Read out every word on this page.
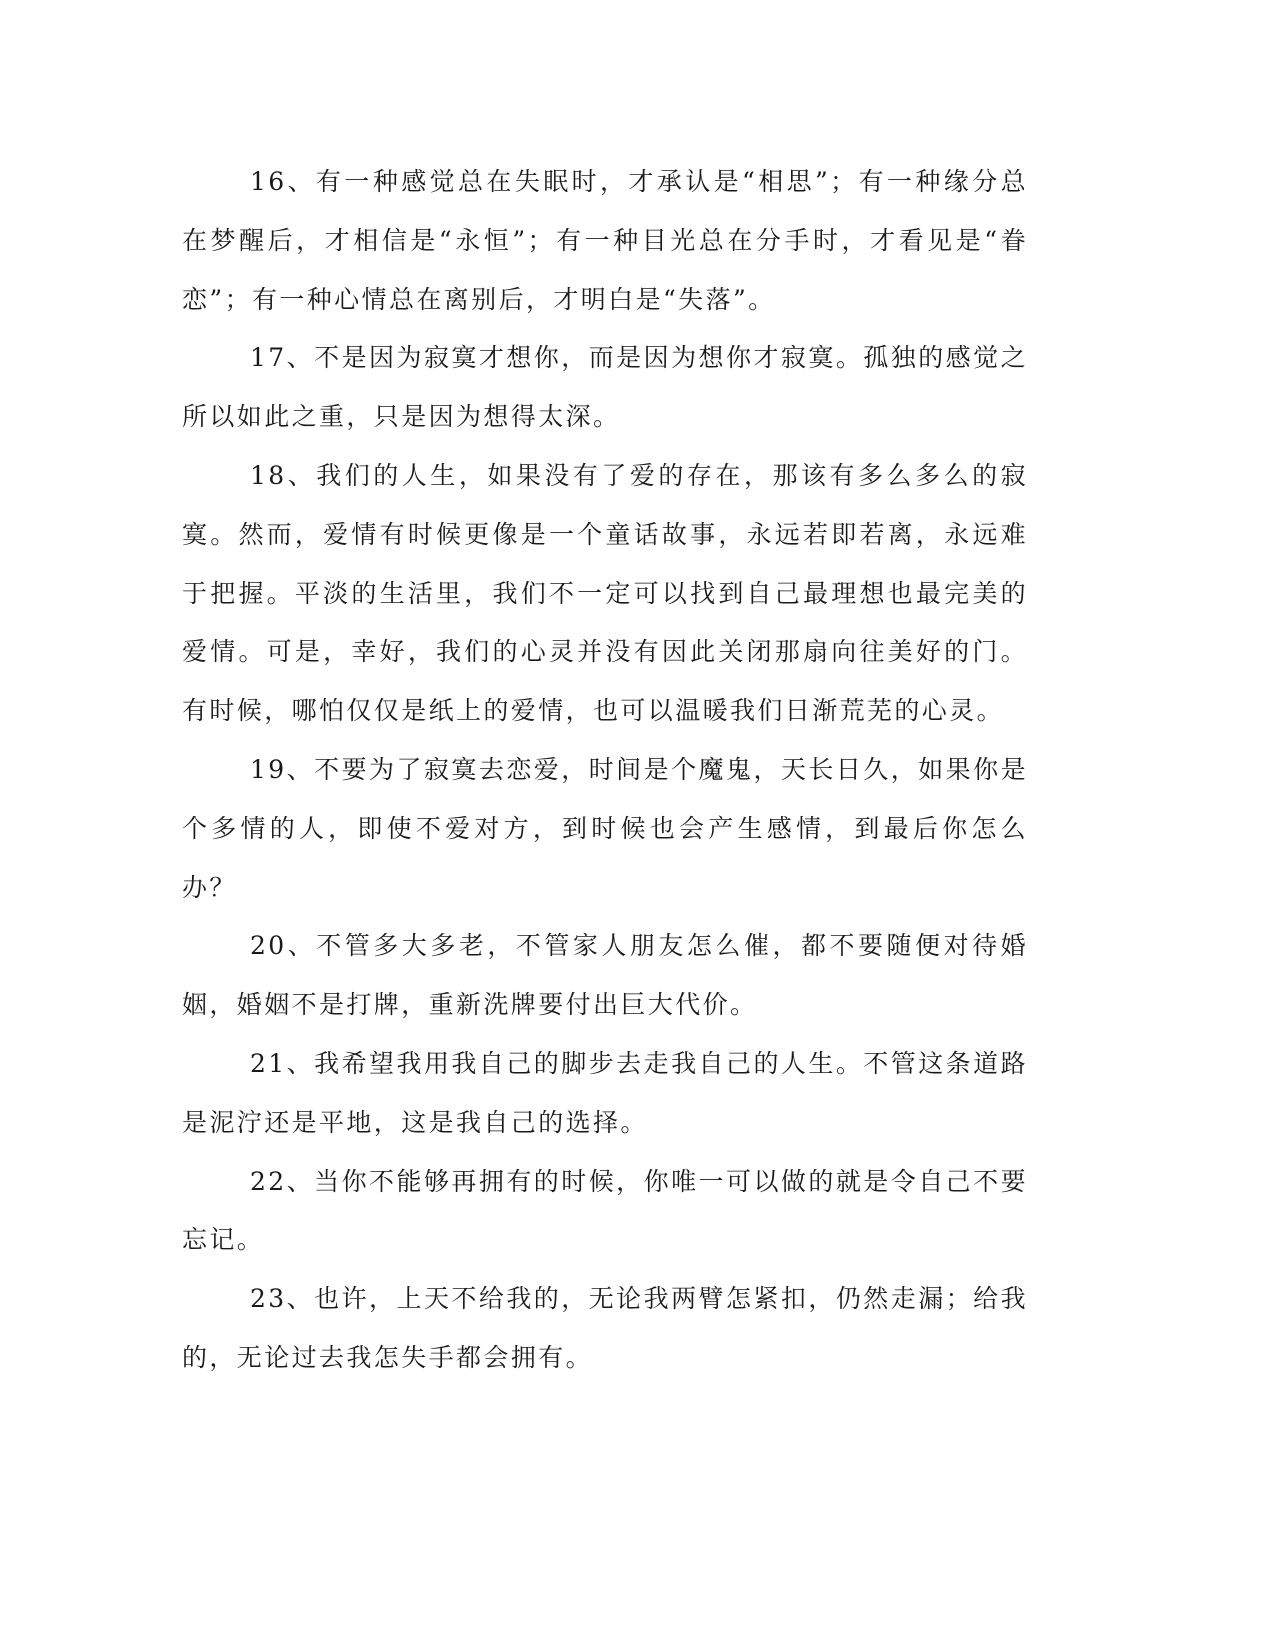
16、有一种感觉总在失眠时，才承认是“相思”；有一种缘分总在梦醒后，才相信是“永恒”；有一种目光总在分手时，才看见是“眷恋”；有一种心情总在离别后，才明白是“失落”。

17、不是因为寂寞才想你，而是因为想你才寂寞。孤独的感觉之所以如此之重，只是因为想得太深。

18、我们的人生，如果没有了爱的存在，那该有多么多么的寂寞。然而，爱情有时候更像是一个童话故事，永远若即若离，永远难于把握。平淡的生活里，我们不一定可以找到自己最理想也最完美的爱情。可是，幸好，我们的心灵并没有因此关闭那扇向往美好的门。有时候，哪怕仅仅是纸上的爱情，也可以温暖我们日渐荒芜的心灵。

19、不要为了寂寞去恋爱，时间是个魔鬼，天长日久，如果你是个多情的人，即使不爱对方，到时候也会产生感情，到最后你怎么办？

20、不管多大多老，不管家人朋友怎么催，都不要随便对待婚姻，婚姻不是打牌，重新洗牌要付出巨大代价。

21、我希望我用我自己的脚步去走我自己的人生。不管这条道路是泥泞还是平地，这是我自己的选择。

22、当你不能够再拥有的时候，你唯一可以做的就是令自己不要忘记。

23、也许，上天不给我的，无论我两臂怎紧扣，仍然走漏；给我的，无论过去我怎失手都会拥有。
